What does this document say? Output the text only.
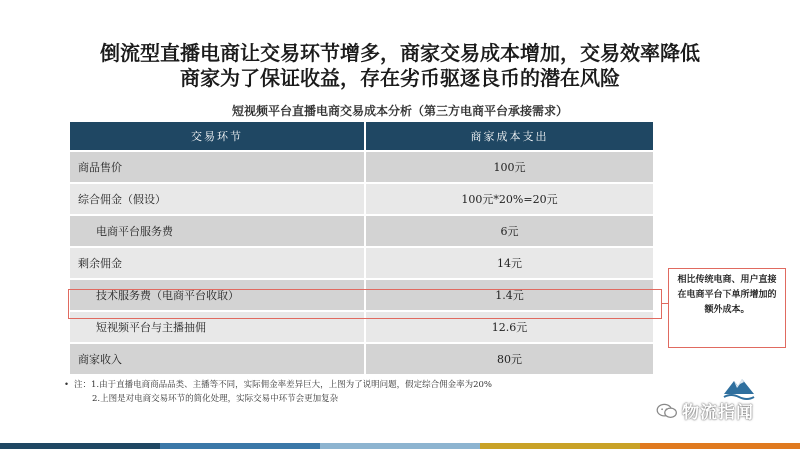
倒流型直播电商让交易环节增多，商家交易成本增加，交易效率降低
商家为了保证收益，存在劣币驱逐良币的潜在风险
短视频平台直播电商交易成本分析（第三方电商平台承接需求）
交易环节	商家成本支出
商品售价	100元
综合佣金（假设）	100元*20%=20元
电商平台服务费	6元
剩余佣金	14元
技术服务费（电商平台收取）	1.4元
短视频平台与主播抽佣	12.6元
商家收入	80元
相比传统电商、用户直接在电商平台下单所增加的额外成本。
• 注：1.由于直播电商商品品类、主播等不同，实际佣金率差异巨大，上图为了说明问题，假定综合佣金率为20%
2.上图是对电商交易环节的简化处理，实际交易中环节会更加复杂
物流指闻
